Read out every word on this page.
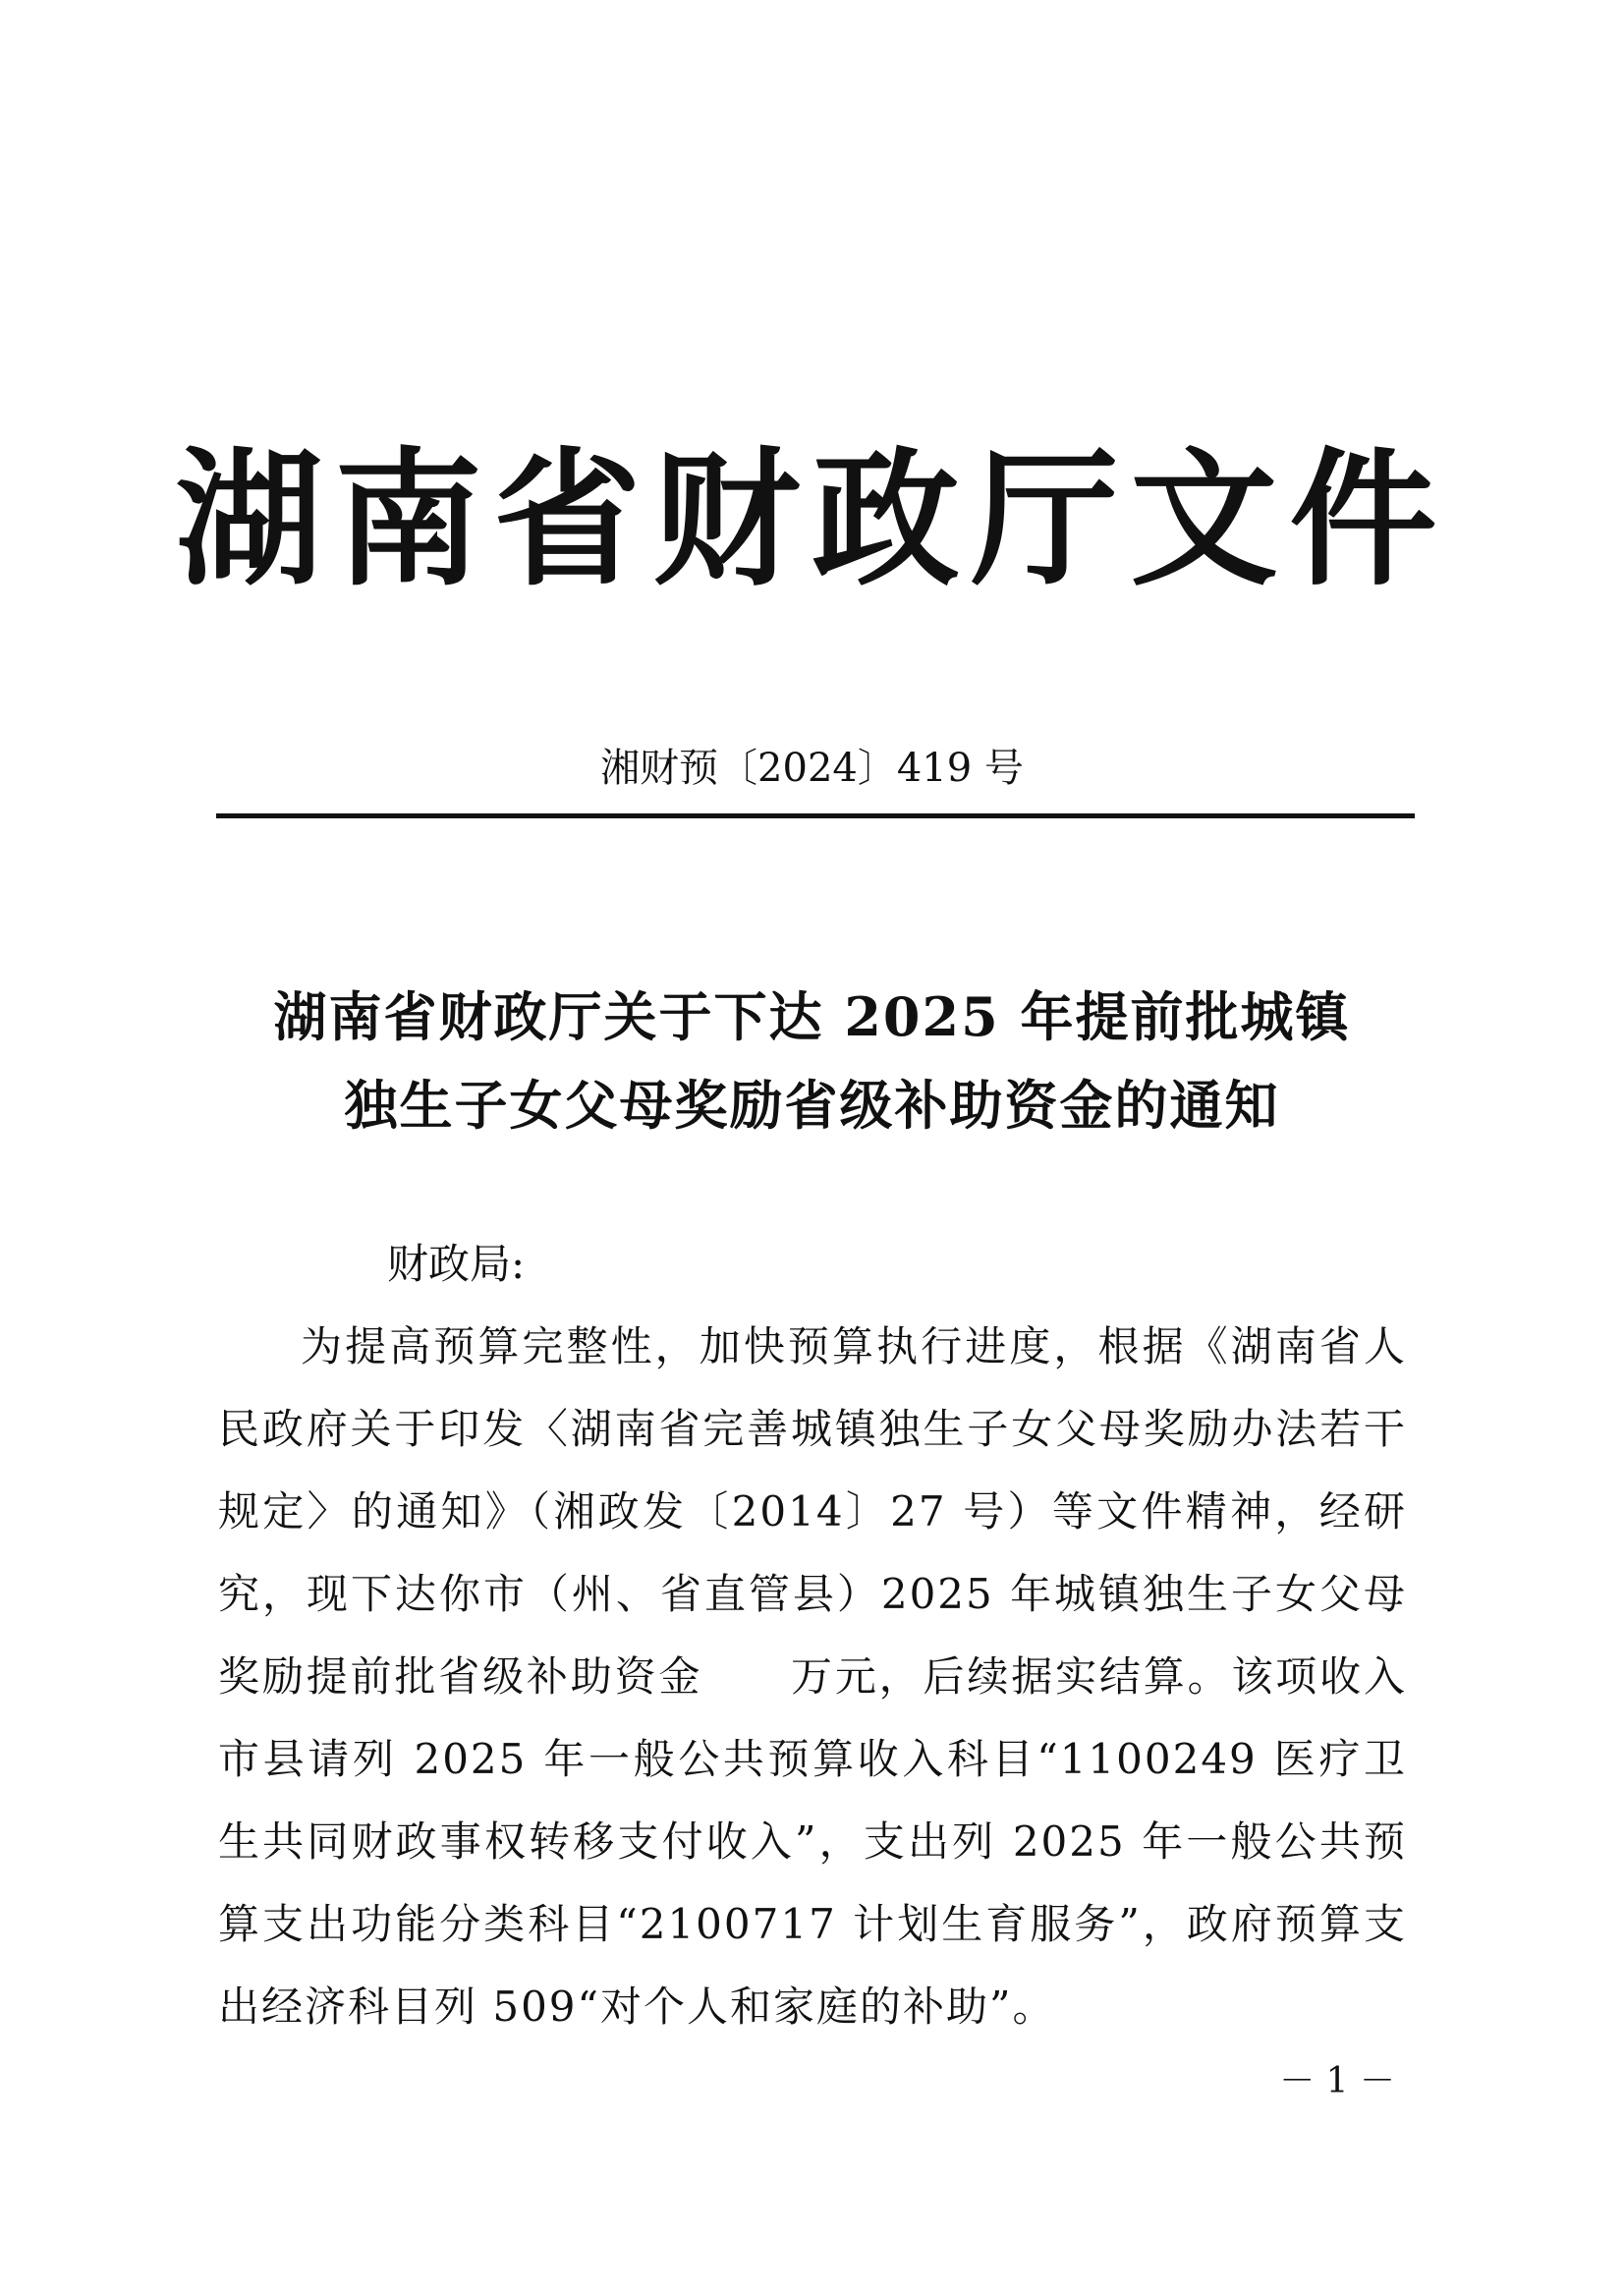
湖南省财政厅文件
湘财预〔2024〕419 号
湖南省财政厅关于下达 2025 年提前批城镇
独生子女父母奖励省级补助资金的通知

财政局:

为提高预算完整性，加快预算执行进度，根据《湖南省人民政府关于印发〈湖南省完善城镇独生子女父母奖励办法若干规定〉的通知》（湘政发〔2014〕27 号）等文件精神，经研究，现下达你市（州、省直管县）2025 年城镇独生子女父母奖励提前批省级补助资金　　万元，后续据实结算。该项收入市县请列 2025 年一般公共预算收入科目“1100249 医疗卫生共同财政事权转移支付收入”，支出列 2025 年一般公共预算支出功能分类科目“2100717 计划生育服务”，政府预算支出经济科目列 509“对个人和家庭的补助”。

－ 1 －
